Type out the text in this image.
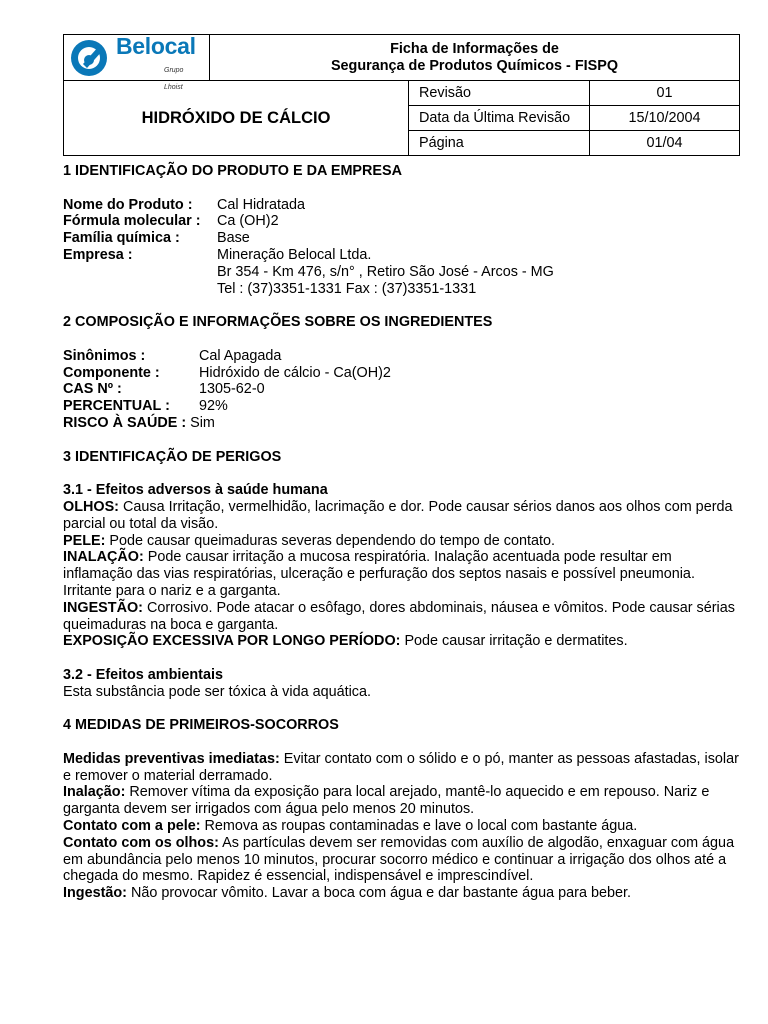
Belocal
Grupo Lhoist

Ficha de Informações de
Segurança de Produtos Químicos - FISPQ

HIDRÓXIDO DE CÁLCIO	
Revisão	01
Data da Última Revisão	15/10/2004
Página	01/04
1 IDENTIFICAÇÃO DO PRODUTO E DA EMPRESA
Nome do Produto :	Cal Hidratada
Fórmula molecular :	Ca (OH)2
Família química :	Base
Empresa :	Mineração Belocal Ltda.
Br 354 - Km 476, s/n° , Retiro São José - Arcos - MG
Tel : (37)3351-1331 Fax : (37)3351-1331
2 COMPOSIÇÃO E INFORMAÇÕES SOBRE OS INGREDIENTES
Sinônimos :	Cal Apagada
Componente :	Hidróxido de cálcio - Ca(OH)2
CAS Nº :	1305-62-0
PERCENTUAL :	92%
RISCO À SAÚDE : Sim
3 IDENTIFICAÇÃO DE PERIGOS
3.1 - Efeitos adversos à saúde humana

OLHOS: Causa Irritação, vermelhidão, lacrimação e dor. Pode causar sérios danos aos olhos com perda parcial ou total da visão.

PELE: Pode causar queimaduras severas dependendo do tempo de contato.

INALAÇÃO: Pode causar irritação a mucosa respiratória. Inalação acentuada pode resultar em inflamação das vias respiratórias, ulceração e perfuração dos septos nasais e possível pneumonia. Irritante para o nariz e a garganta.

INGESTÃO: Corrosivo. Pode atacar o esôfago, dores abdominais, náusea e vômitos. Pode causar sérias queimaduras na boca e garganta.

EXPOSIÇÃO EXCESSIVA POR LONGO PERÍODO: Pode causar irritação e dermatites.

3.2 - Efeitos ambientais

Esta substância pode ser tóxica à vida aquática.

4 MEDIDAS DE PRIMEIROS-SOCORROS

Medidas preventivas imediatas: Evitar contato com o sólido e o pó, manter as pessoas afastadas, isolar e remover o material derramado.

Inalação: Remover vítima da exposição para local arejado, mantê-lo aquecido e em repouso. Nariz e garganta devem ser irrigados com água pelo menos 20 minutos.

Contato com a pele: Remova as roupas contaminadas e lave o local com bastante água.

Contato com os olhos: As partículas devem ser removidas com auxílio de algodão, enxaguar com água em abundância pelo menos 10 minutos, procurar socorro médico e continuar a irrigação dos olhos até a chegada do mesmo. Rapidez é essencial, indispensável e imprescindível.

Ingestão: Não provocar vômito. Lavar a boca com água e dar bastante água para beber.
